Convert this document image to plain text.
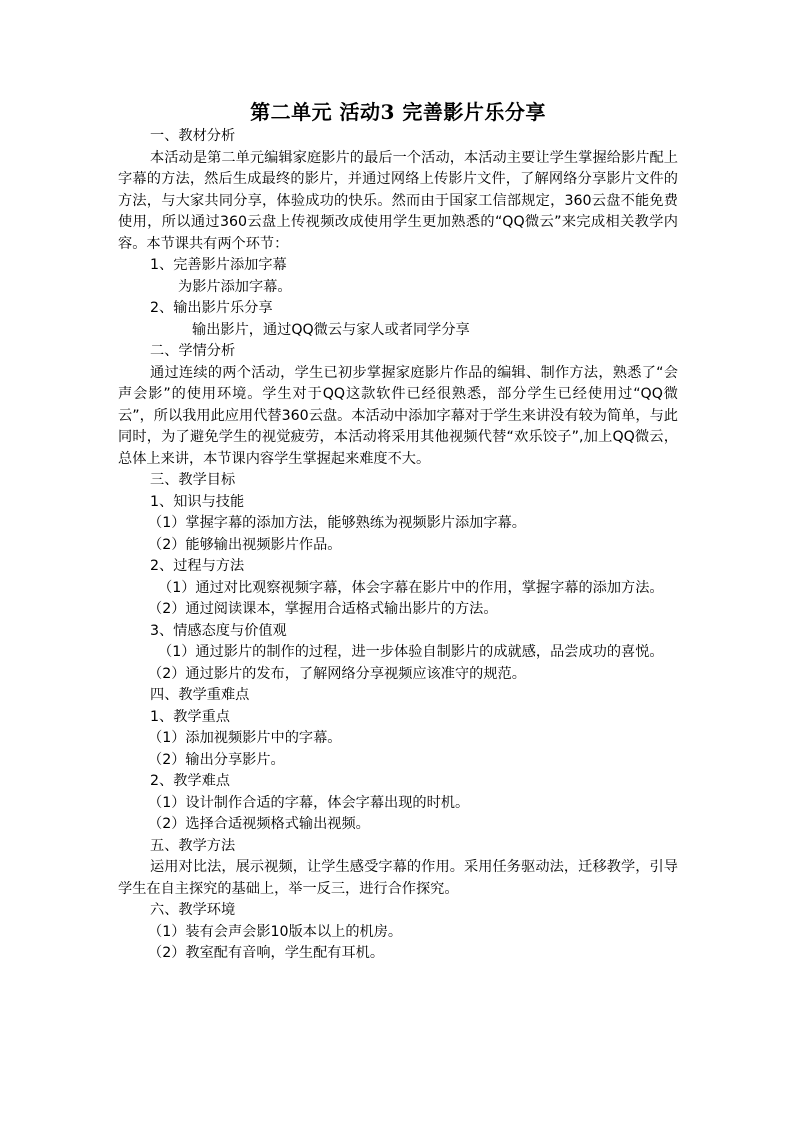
第二单元 活动3 完善影片乐分享

一、教材分析

本活动是第二单元编辑家庭影片的最后一个活动，本活动主要让学生掌握给影片配上字幕的方法，然后生成最终的影片，并通过网络上传影片文件，了解网络分享影片文件的方法，与大家共同分享，体验成功的快乐。然而由于国家工信部规定，360云盘不能免费使用，所以通过360云盘上传视频改成使用学生更加熟悉的“QQ微云”来完成相关教学内容。本节课共有两个环节：

1、完善影片添加字幕

为影片添加字幕。

2、输出影片乐分享

输出影片，通过QQ微云与家人或者同学分享

二、学情分析

通过连续的两个活动，学生已初步掌握家庭影片作品的编辑、制作方法，熟悉了“会声会影”的使用环境。学生对于QQ这款软件已经很熟悉，部分学生已经使用过“QQ微云”，所以我用此应用代替360云盘。本活动中添加字幕对于学生来讲没有较为简单，与此同时，为了避免学生的视觉疲劳，本活动将采用其他视频代替“欢乐饺子”,加上QQ微云，总体上来讲，本节课内容学生掌握起来难度不大。

三、教学目标

1、知识与技能

（1）掌握字幕的添加方法，能够熟练为视频影片添加字幕。

（2）能够输出视频影片作品。

2、过程与方法

（1）通过对比观察视频字幕，体会字幕在影片中的作用，掌握字幕的添加方法。

（2）通过阅读课本，掌握用合适格式输出影片的方法。

3、情感态度与价值观

（1）通过影片的制作的过程，进一步体验自制影片的成就感，品尝成功的喜悦。

（2）通过影片的发布，了解网络分享视频应该准守的规范。

四、教学重难点

1、教学重点

（1）添加视频影片中的字幕。

（2）输出分享影片。

2、教学难点

（1）设计制作合适的字幕，体会字幕出现的时机。

（2）选择合适视频格式输出视频。

五、教学方法

运用对比法，展示视频，让学生感受字幕的作用。采用任务驱动法，迁移教学，引导学生在自主探究的基础上，举一反三，进行合作探究。

六、教学环境

（1）装有会声会影10版本以上的机房。

（2）教室配有音响，学生配有耳机。
